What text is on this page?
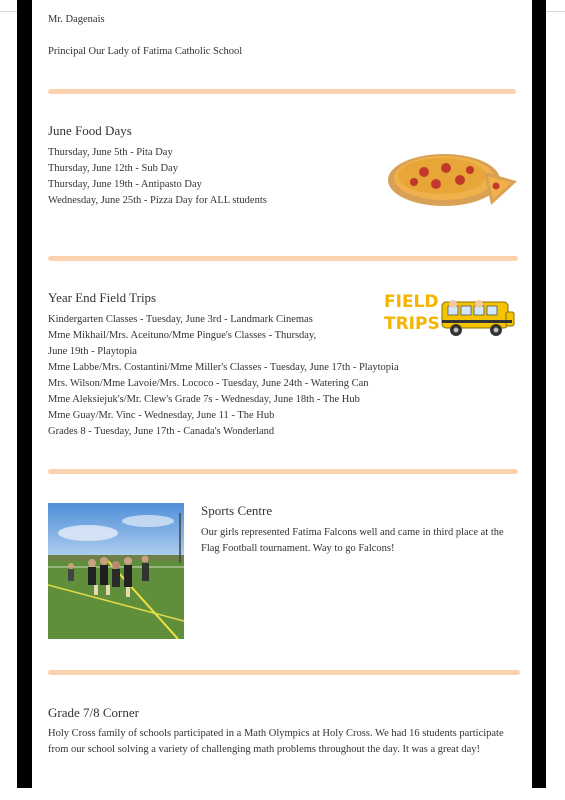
Mr. Dagenais

Principal Our Lady of Fatima Catholic School

June Food Days

Thursday, June 5th - Pita Day

Thursday, June 12th - Sub Day

Thursday, June 19th - Antipasto Day

Wednesday, June 25th - Pizza Day for ALL students

Year End Field Trips

Kindergarten Classes - Tuesday, June 3rd - Landmark Cinemas

Mme Mikhail/Mrs. Aceituno/Mme Pingue's Classes - Thursday,

June 19th - Playtopia

Mme Labbe/Mrs. Costantini/Mme Miller's Classes - Tuesday, June 17th - Playtopia

Mrs. Wilson/Mme Lavoie/Mrs. Lococo - Tuesday, June 24th - Watering Can

Mme Aleksiejuk's/Mr. Clew's Grade 7s - Wednesday, June 18th - The Hub

Mme Guay/Mr. Vinc - Wednesday, June 11 - The Hub

Grades 8 - Tuesday, June 17th - Canada's Wonderland

FIELD
TRIPS

Sports Centre

Our girls represented Fatima Falcons well and came in third place at the Flag Football tournament. Way to go Falcons!

Grade 7/8 Corner

Holy Cross family of schools participated in a Math Olympics at Holy Cross. We had 16 students participate from our school solving a variety of challenging math problems throughout the day. It was a great day!
